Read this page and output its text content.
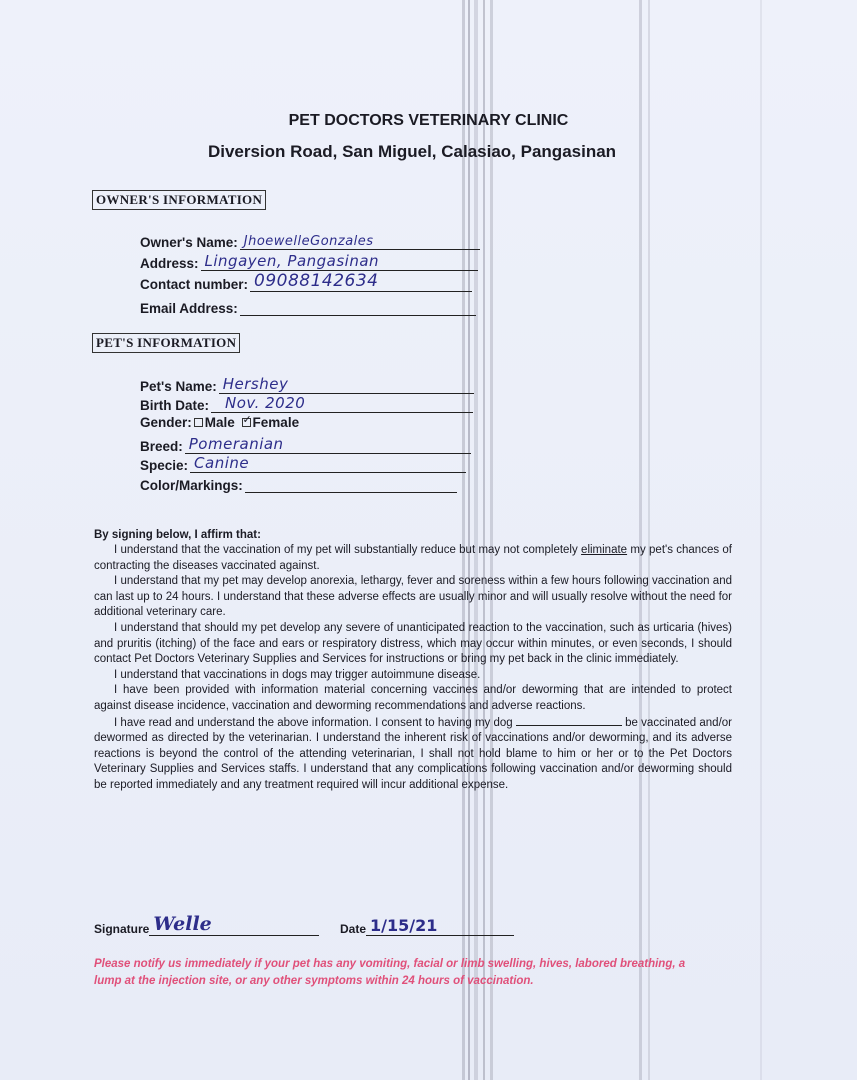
PET DOCTORS VETERINARY CLINIC
Diversion Road, San Miguel, Calasiao, Pangasinan
OWNER'S INFORMATION
Owner's Name: JhoewelleGonzales
Address: Lingayen, Pangasinan
Contact number: 09088142634
Email Address:
PET'S INFORMATION
Pet's Name: Hershey
Birth Date: Nov. 2020
Gender: Male ✓ Female
Breed: Pomeranian
Specie: Canine
Color/Markings:
By signing below, I affirm that:

I understand that the vaccination of my pet will substantially reduce but may not completely eliminate my pet's chances of contracting the diseases vaccinated against.

I understand that my pet may develop anorexia, lethargy, fever and soreness within a few hours following vaccination and can last up to 24 hours. I understand that these adverse effects are usually minor and will usually resolve without the need for additional veterinary care.

I understand that should my pet develop any severe of unanticipated reaction to the vaccination, such as urticaria (hives) and pruritis (itching) of the face and ears or respiratory distress, which may occur within minutes, or even seconds, I should contact Pet Doctors Veterinary Supplies and Services for instructions or bring my pet back in the clinic immediately.

I understand that vaccinations in dogs may trigger autoimmune disease.

I have been provided with information material concerning vaccines and/or deworming that are intended to protect against disease incidence, vaccination and deworming recommendations and adverse reactions.

I have read and understand the above information. I consent to having my dog	be vaccinated and/or dewormed as directed by the veterinarian. I understand the inherent risk of vaccinations and/or deworming, and its adverse reactions is beyond the control of the attending veterinarian, I shall not hold blame to him or her or to the Pet Doctors Veterinary Supplies and Services staffs. I understand that any complications following vaccination and/or deworming should be reported immediately and any treatment required will incur additional expense.

Signature Welle	Date 1/15/21
Please notify us immediately if your pet has any vomiting, facial or limb swelling, hives, labored breathing, a lump at the injection site, or any other symptoms within 24 hours of vaccination.
